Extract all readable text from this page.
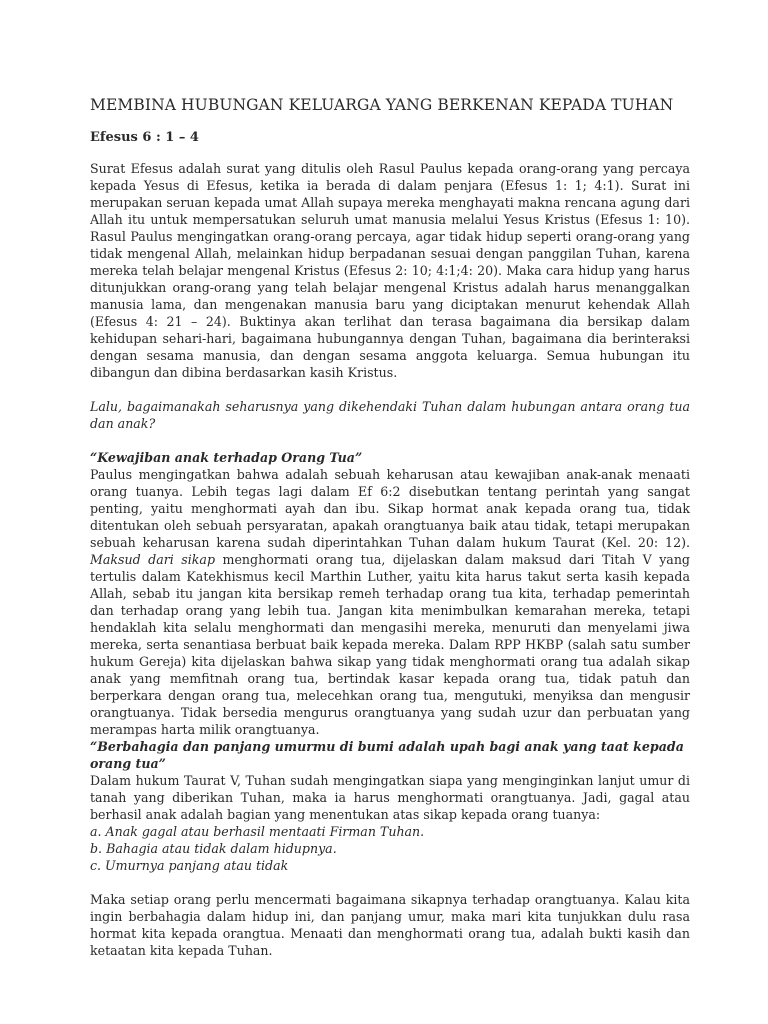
MEMBINA HUBUNGAN KELUARGA YANG BERKENAN KEPADA TUHAN
Efesus 6 : 1 – 4

Surat Efesus adalah surat yang ditulis oleh Rasul Paulus kepada orang-orang yang percaya kepada Yesus di Efesus, ketika ia berada di dalam penjara (Efesus 1: 1; 4:1). Surat ini merupakan seruan kepada umat Allah supaya mereka menghayati makna rencana agung dari Allah itu untuk mempersatukan seluruh umat manusia melalui Yesus Kristus (Efesus 1: 10). Rasul Paulus mengingatkan orang-orang percaya, agar tidak hidup seperti orang-orang yang tidak mengenal Allah, melainkan hidup berpadanan sesuai dengan panggilan Tuhan, karena mereka telah belajar mengenal Kristus (Efesus 2: 10; 4:1;4: 20). Maka cara hidup yang harus ditunjukkan orang-orang yang telah belajar mengenal Kristus adalah harus menanggalkan manusia lama, dan mengenakan manusia baru yang diciptakan menurut kehendak Allah (Efesus 4: 21 – 24). Buktinya akan terlihat dan terasa bagaimana dia bersikap dalam kehidupan sehari-hari, bagaimana hubungannya dengan Tuhan, bagaimana dia berinteraksi dengan sesama manusia, dan dengan sesama anggota keluarga. Semua hubungan itu dibangun dan dibina berdasarkan kasih Kristus.

Lalu, bagaimanakah seharusnya yang dikehendaki Tuhan dalam hubungan antara orang tua dan anak?

“Kewajiban anak terhadap Orang Tua”

Paulus mengingatkan bahwa adalah sebuah keharusan atau kewajiban anak-anak menaati orang tuanya. Lebih tegas lagi dalam Ef 6:2 disebutkan tentang perintah yang sangat penting, yaitu menghormati ayah dan ibu. Sikap hormat anak kepada orang tua, tidak ditentukan oleh sebuah persyaratan, apakah orangtuanya baik atau tidak, tetapi merupakan sebuah keharusan karena sudah diperintahkan Tuhan dalam hukum Taurat (Kel. 20: 12). Maksud dari sikap menghormati orang tua, dijelaskan dalam maksud dari Titah V yang tertulis dalam Katekhismus kecil Marthin Luther, yaitu kita harus takut serta kasih kepada Allah, sebab itu jangan kita bersikap remeh terhadap orang tua kita, terhadap pemerintah dan terhadap orang yang lebih tua. Jangan kita menimbulkan kemarahan mereka, tetapi hendaklah kita selalu menghormati dan mengasihi mereka, menuruti dan menyelami jiwa mereka, serta senantiasa berbuat baik kepada mereka. Dalam RPP HKBP (salah satu sumber hukum Gereja) kita dijelaskan bahwa sikap yang tidak menghormati orang tua adalah sikap anak yang memfitnah orang tua, bertindak kasar kepada orang tua, tidak patuh dan berperkara dengan orang tua, melecehkan orang tua, mengutuki, menyiksa dan mengusir orangtuanya. Tidak bersedia mengurus orangtuanya yang sudah uzur dan perbuatan yang merampas harta milik orangtuanya.

“Berbahagia dan panjang umurmu di bumi adalah upah bagi anak yang taat kepada orang tua”

Dalam hukum Taurat V, Tuhan sudah mengingatkan siapa yang menginginkan lanjut umur di tanah yang diberikan Tuhan, maka ia harus menghormati orangtuanya. Jadi, gagal atau berhasil anak adalah bagian yang menentukan atas sikap kepada orang tuanya:

a. Anak gagal atau berhasil mentaati Firman Tuhan.
b. Bahagia atau tidak dalam hidupnya.
c. Umurnya panjang atau tidak

Maka setiap orang perlu mencermati bagaimana sikapnya terhadap orangtuanya. Kalau kita ingin berbahagia dalam hidup ini, dan panjang umur, maka mari kita tunjukkan dulu rasa hormat kita kepada orangtua. Menaati dan menghormati orang tua, adalah bukti kasih dan ketaatan kita kepada Tuhan.
